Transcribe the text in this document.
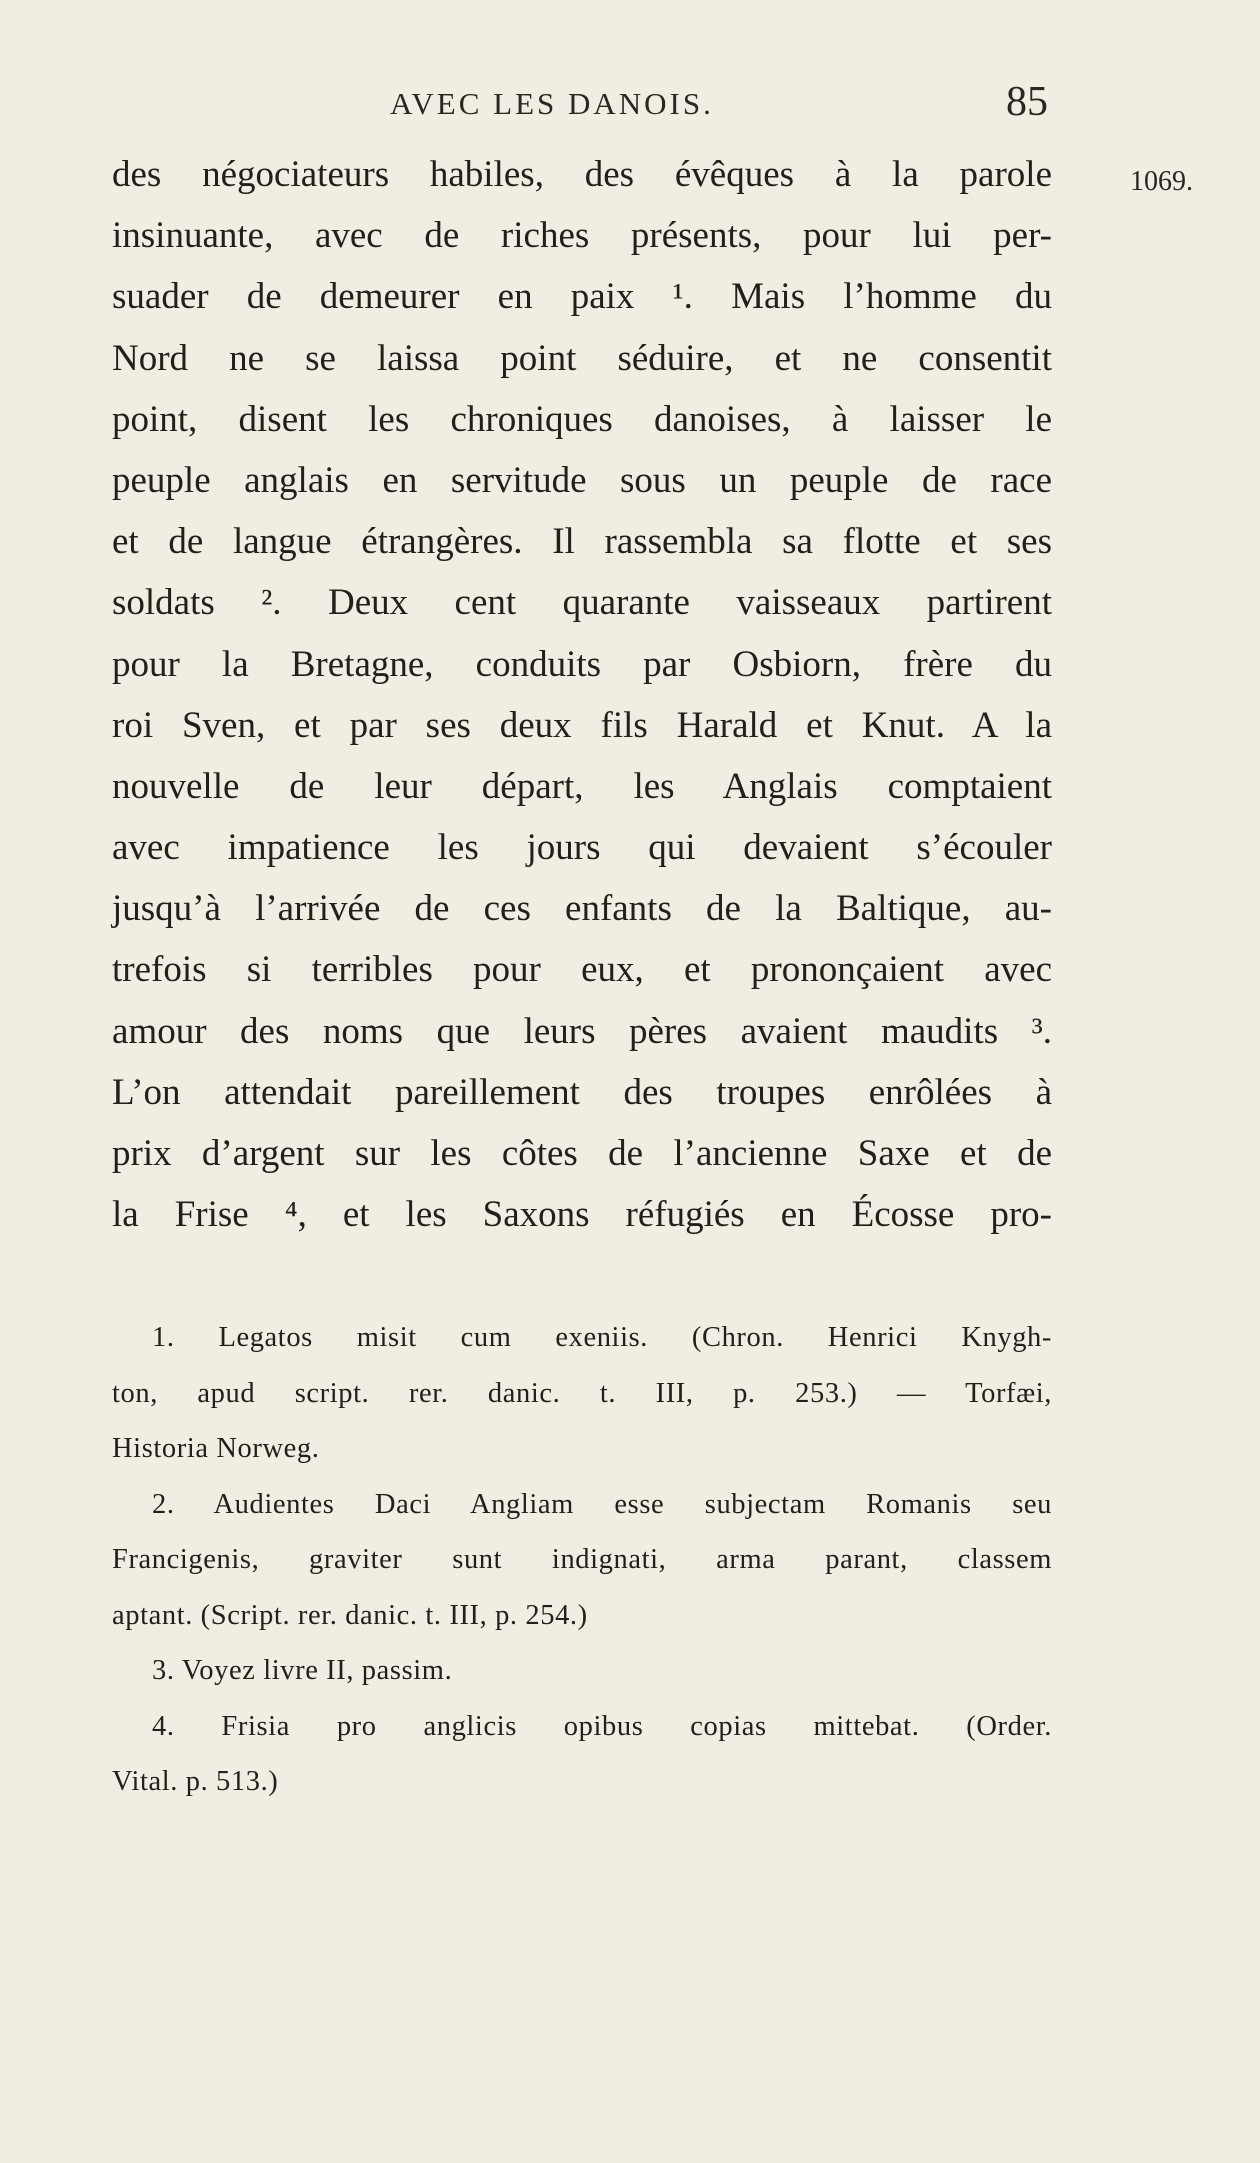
AVEC LES DANOIS.	85
1069.
des négociateurs habiles, des évêques à la parole
insinuante, avec de riches présents, pour lui per-
suader de demeurer en paix ¹. Mais l’homme du
Nord ne se laissa point séduire, et ne consentit
point, disent les chroniques danoises, à laisser le
peuple anglais en servitude sous un peuple de race
et de langue étrangères. Il rassembla sa flotte et ses
soldats ². Deux cent quarante vaisseaux partirent
pour la Bretagne, conduits par Osbiorn, frère du
roi Sven, et par ses deux fils Harald et Knut. A la
nouvelle de leur départ, les Anglais comptaient
avec impatience les jours qui devaient s’écouler
jusqu’à l’arrivée de ces enfants de la Baltique, au-
trefois si terribles pour eux, et prononçaient avec
amour des noms que leurs pères avaient maudits ³.
L’on attendait pareillement des troupes enrôlées à
prix d’argent sur les côtes de l’ancienne Saxe et de
la Frise ⁴, et les Saxons réfugiés en Écosse pro-
1. Legatos misit cum exeniis. (Chron. Henrici Knygh-
ton, apud script. rer. danic. t. III, p. 253.) — Torfæi,
Historia Norweg.
2. Audientes Daci Angliam esse subjectam Romanis seu
Francigenis, graviter sunt indignati, arma parant, classem
aptant. (Script. rer. danic. t. III, p. 254.)
3. Voyez livre II, passim.
4. Frisia pro anglicis opibus copias mittebat. (Order.
Vital. p. 513.)
